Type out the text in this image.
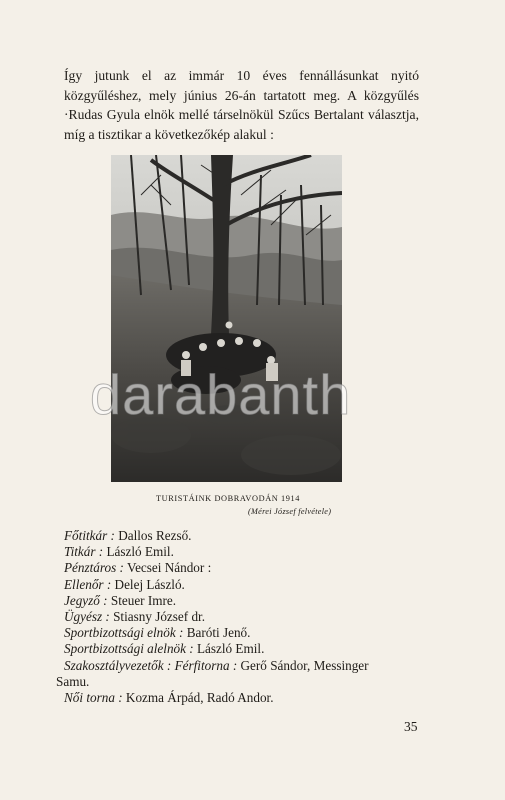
Így jutunk el az immár 10 éves fennállásunkat nyitó közgyűléshez, mely június 26-án tartatott meg. A közgyűlés ·Rudas Gyula elnök mellé társelnökül Szűcs Bertalant választja, míg a tisztikar a következőkép alakul :

darabanth
TURISTÁINK DOBRAVODÁN 1914
(Mérei József felvétele)
Főtitkár : Dallos Rezső.
Titkár : László Emil.
Pénztáros : Vecsei Nándor :
Ellenőr : Delej László.
Jegyző : Steuer Imre.
Ügyész : Stiasny József dr.
Sportbizottsági elnök : Baróti Jenő.
Sportbizottsági alelnök : László Emil.
Szakosztályvezetők : Férfitorna : Gerő Sándor, Messinger
Samu.
Női torna : Kozma Árpád, Radó Andor.
35
